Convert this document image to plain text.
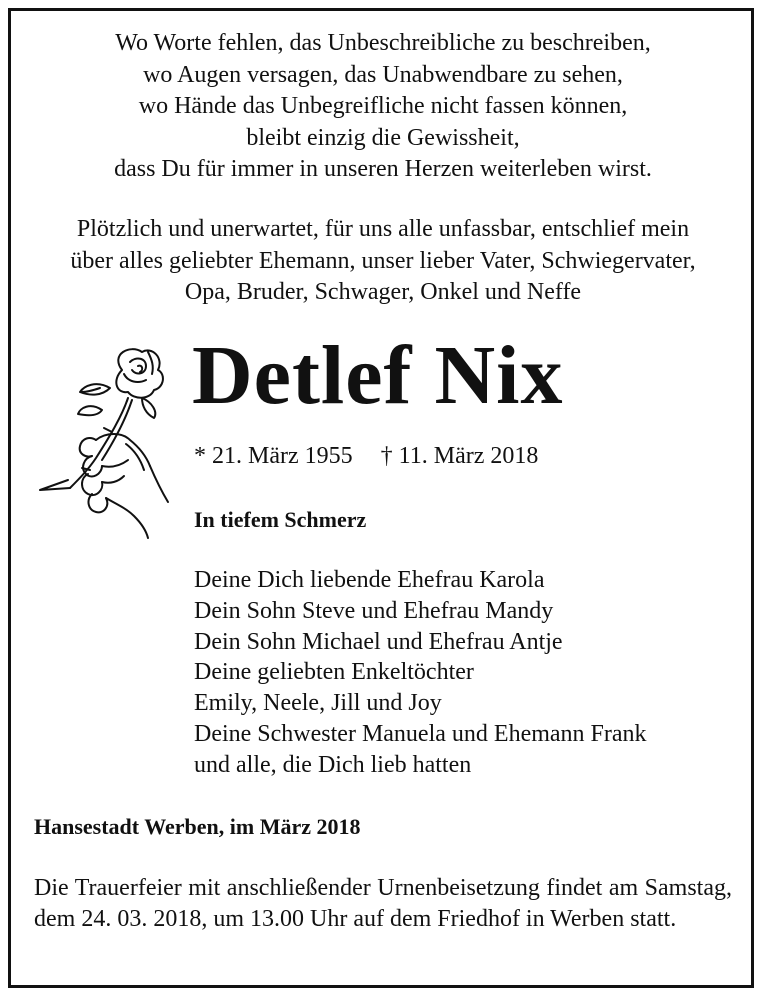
Wo Worte fehlen, das Unbeschreibliche zu beschreiben,
wo Augen versagen, das Unabwendbare zu sehen,
wo Hände das Unbegreifliche nicht fassen können,
bleibt einzig die Gewissheit,
dass Du für immer in unseren Herzen weiterleben wirst.
Plötzlich und unerwartet, für uns alle unfassbar, entschlief mein
über alles geliebter Ehemann, unser lieber Vater, Schwiegervater,
Opa, Bruder, Schwager, Onkel und Neffe
Detlef Nix
* 21. März 1955 † 11. März 2018
In tiefem Schmerz
Deine Dich liebende Ehefrau Karola
Dein Sohn Steve und Ehefrau Mandy
Dein Sohn Michael und Ehefrau Antje
Deine geliebten Enkeltöchter
Emily, Neele, Jill und Joy
Deine Schwester Manuela und Ehemann Frank
und alle, die Dich lieb hatten
Hansestadt Werben, im März 2018
Die Trauerfeier mit anschließender Urnenbeisetzung findet am Samstag, dem 24. 03. 2018, um 13.00 Uhr auf dem Friedhof in Werben statt.
